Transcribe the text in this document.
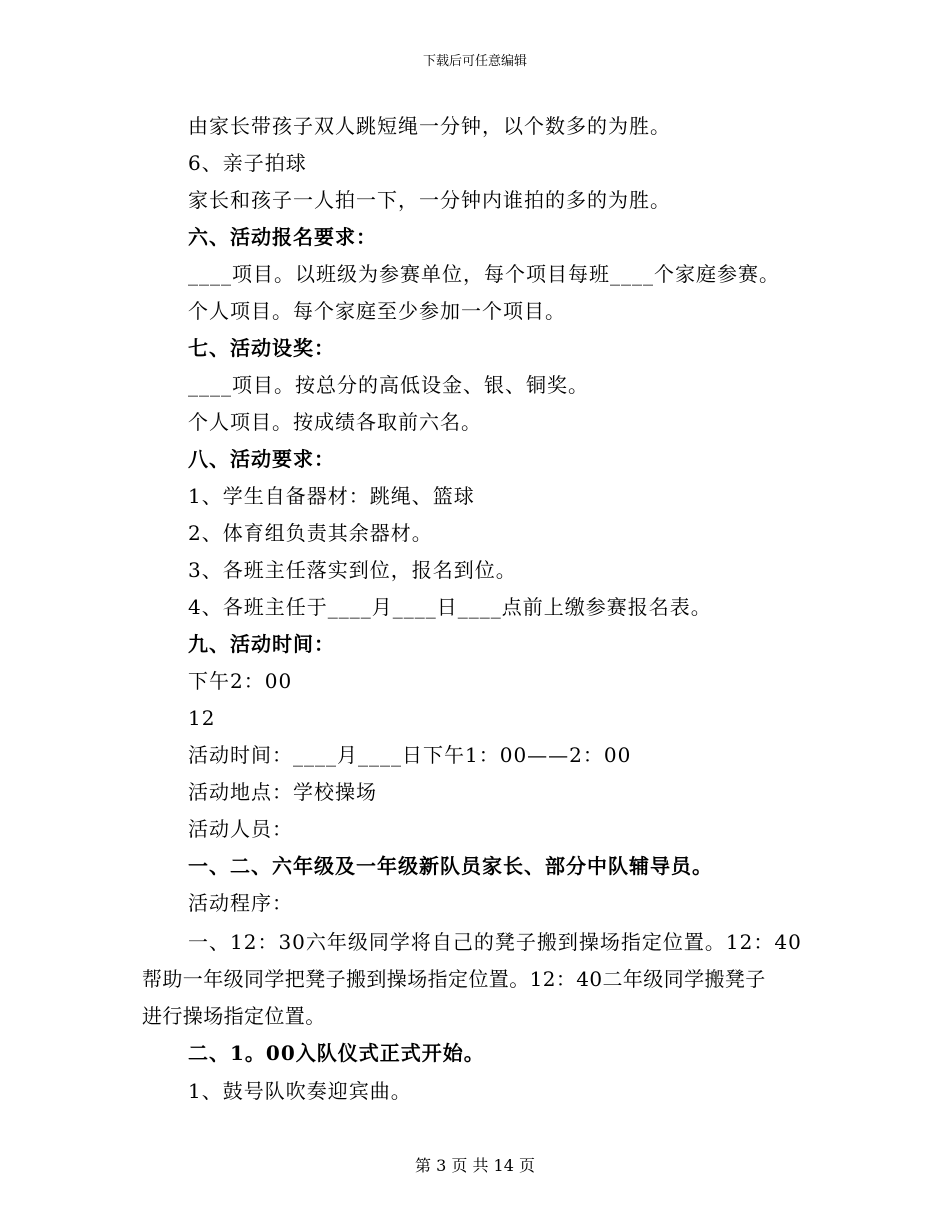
下载后可任意编辑
由家长带孩子双人跳短绳一分钟，以个数多的为胜。
6、亲子拍球
家长和孩子一人拍一下，一分钟内谁拍的多的为胜。
六、活动报名要求：
____项目。以班级为参赛单位，每个项目每班____个家庭参赛。
个人项目。每个家庭至少参加一个项目。
七、活动设奖：
____项目。按总分的高低设金、银、铜奖。
个人项目。按成绩各取前六名。
八、活动要求：
1、学生自备器材：跳绳、篮球
2、体育组负责其余器材。
3、各班主任落实到位，报名到位。
4、各班主任于____月____日____点前上缴参赛报名表。
九、活动时间：
下午2：00
12
活动时间：____月____日下午1：00——2：00
活动地点：学校操场
活动人员：
一、二、六年级及一年级新队员家长、部分中队辅导员。
活动程序：
一、12：30六年级同学将自己的凳子搬到操场指定位置。12：40
帮助一年级同学把凳子搬到操场指定位置。12：40二年级同学搬凳子
进行操场指定位置。
二、1。00入队仪式正式开始。
1、鼓号队吹奏迎宾曲。
第 3 页 共 14 页
